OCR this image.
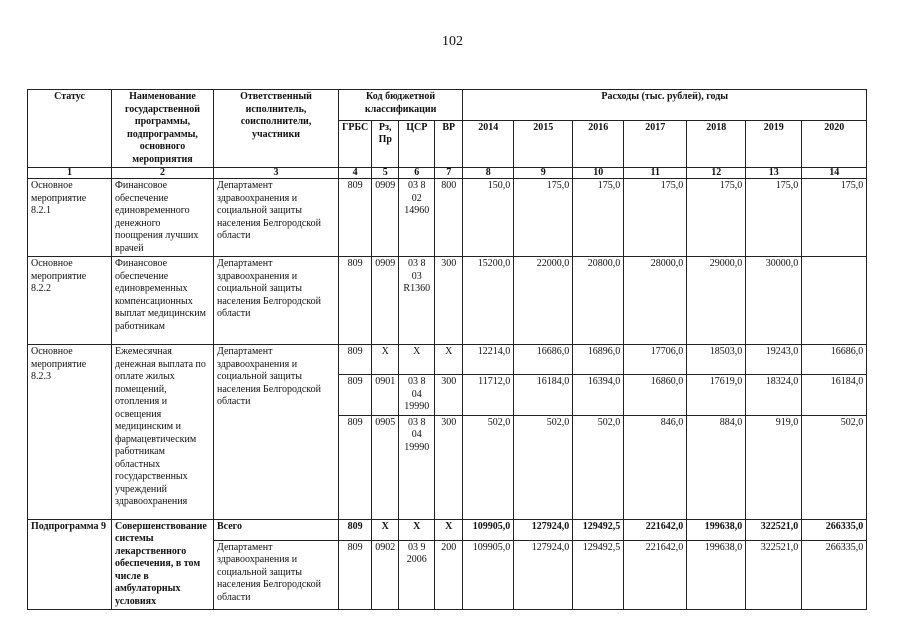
102
Статус	Наименование государственной программы, подпрограммы, основного мероприятия	Ответственный исполнитель, соисполнители, участники	Код бюджетной классификации				Расходы (тыс. рублей), годы						
			ГРБС	Рз, Пр	ЦСР	ВР	2014	2015	2016	2017	2018	2019	2020
1	2	3	4	5	6	7	8	9	10	11	12	13	14
Основное мероприятие 8.2.1	Финансовое обеспечение единовременного денежного поощрения лучших врачей	Департамент здравоохранения и социальной защиты населения Белгородской области	809	0909	03 8 02 14960	800	150,0	175,0	175,0	175,0	175,0	175,0	175,0
Основное мероприятие 8.2.2	Финансовое обеспечение единовременных компенсационных выплат медицинским работникам	Департамент здравоохранения и социальной защиты населения Белгородской области	809	0909	03 8 03 R1360	300	15200,0	22000,0	20800,0	28000,0	29000,0	30000,0	
Основное мероприятие 8.2.3	Ежемесячная денежная выплата по оплате жилых помещений, отопления и освещения медицинским и фармацевтическим работникам областных государственных учреждений здравоохранения	Департамент здравоохранения и социальной защиты населения Белгородской области	809	X	X	X	12214,0	16686,0	16896,0	17706,0	18503,0	19243,0	16686,0
			809	0901	03 8 04 19990	300	11712,0	16184,0	16394,0	16860,0	17619,0	18324,0	16184,0
			809	0905	03 8 04 19990	300	502,0	502,0	502,0	846,0	884,0	919,0	502,0
Подпрограмма 9	Совершенствование системы лекарственного обеспечения, в том числе в амбулаторных условиях	Всего	809	X	X	X	109905,0	127924,0	129492,5	221642,0	199638,0	322521,0	266335,0
		Департамент здравоохранения и социальной защиты населения Белгородской области	809	0902	03 9 2006	200	109905,0	127924,0	129492,5	221642,0	199638,0	322521,0	266335,0
